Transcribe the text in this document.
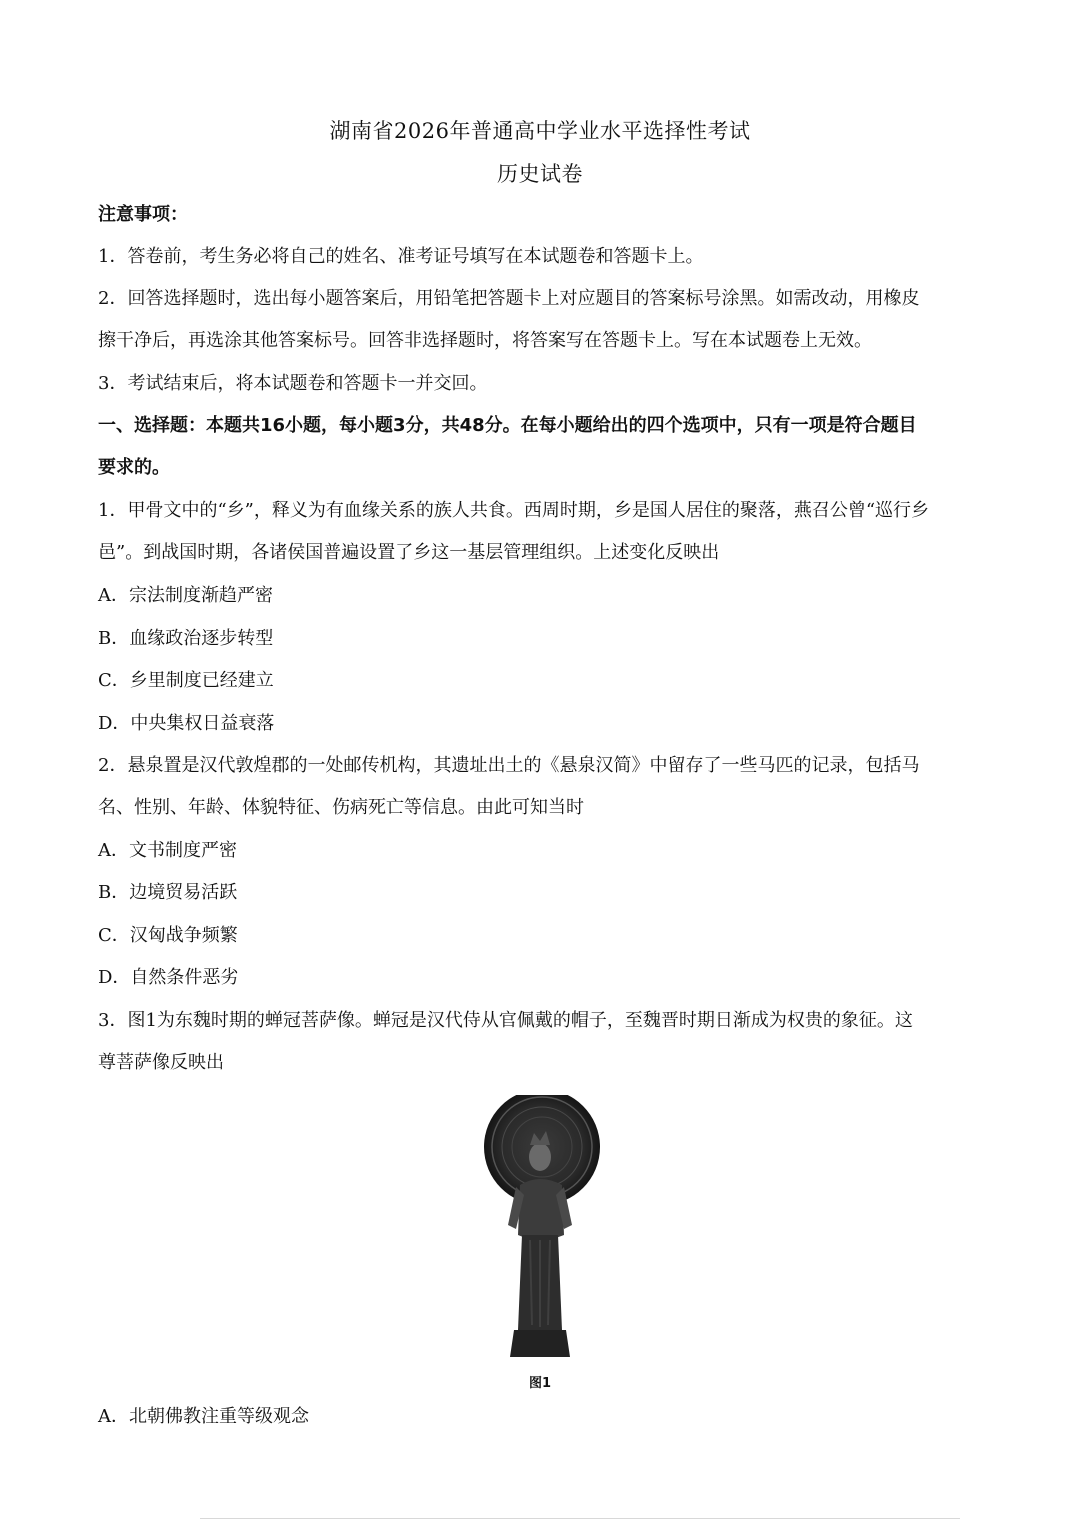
湖南省2026年普通高中学业水平选择性考试
历史试卷
注意事项：
1．答卷前，考生务必将自己的姓名、准考证号填写在本试题卷和答题卡上。
2．回答选择题时，选出每小题答案后，用铅笔把答题卡上对应题目的答案标号涂黑。如需改动，用橡皮
擦干净后，再选涂其他答案标号。回答非选择题时，将答案写在答题卡上。写在本试题卷上无效。
3．考试结束后，将本试题卷和答题卡一并交回。
一、选择题：本题共16小题，每小题3分，共48分。在每小题给出的四个选项中，只有一项是符合题目
要求的。
1．甲骨文中的“乡”，释义为有血缘关系的族人共食。西周时期，乡是国人居住的聚落，燕召公曾“巡行乡
邑”。到战国时期，各诸侯国普遍设置了乡这一基层管理组织。上述变化反映出
A．宗法制度渐趋严密
B．血缘政治逐步转型
C．乡里制度已经建立
D．中央集权日益衰落
2．悬泉置是汉代敦煌郡的一处邮传机构，其遗址出土的《悬泉汉简》中留存了一些马匹的记录，包括马
名、性别、年龄、体貌特征、伤病死亡等信息。由此可知当时
A．文书制度严密
B．边境贸易活跃
C．汉匈战争频繁
D．自然条件恶劣
3．图1为东魏时期的蝉冠菩萨像。蝉冠是汉代侍从官佩戴的帽子，至魏晋时期日渐成为权贵的象征。这
尊菩萨像反映出
图1
A．北朝佛教注重等级观念
